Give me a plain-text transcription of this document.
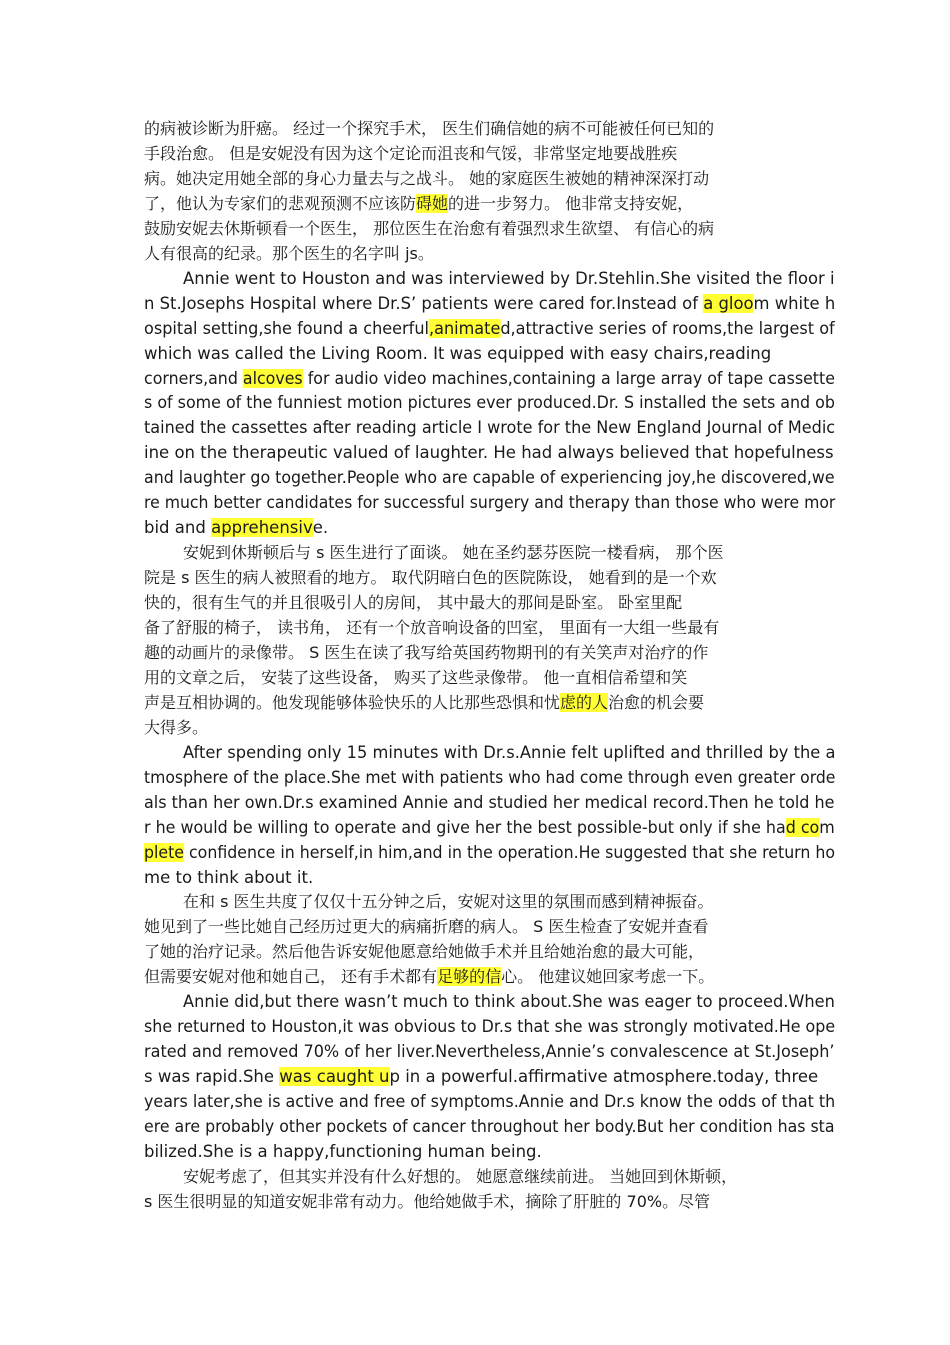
的病被诊断为肝癌。 经过一个探究手术， 医生们确信她的病不可能被任何已知的
手段治愈。 但是安妮没有因为这个定论而沮丧和气馁，非常坚定地要战胜疾
病。她决定用她全部的身心力量去与之战斗。 她的家庭医生被她的精神深深打动
了，他认为专家们的悲观预测不应该防碍她的进一步努力。 他非常支持安妮，
鼓励安妮去休斯顿看一个医生， 那位医生在治愈有着强烈求生欲望、 有信心的病
人有很高的纪录。那个医生的名字叫 js。
Annie went to Houston and was interviewed by Dr.Stehlin.She visited the floor i
n St.Josephs Hospital where Dr.S’ patients were cared for.Instead of a gloom white h
ospital setting,she found a cheerful,animated,attractive series of rooms,the largest of
which was called the Living Room. It was equipped with easy chairs,reading
corners,and alcoves for audio video machines,containing a large array of tape cassette
s of some of the funniest motion pictures ever produced.Dr. S installed the sets and ob
tained the cassettes after reading article I wrote for the New England Journal of Medic
ine on the therapeutic valued of laughter. He had always believed that hopefulness
and laughter go together.People who are capable of experiencing joy,he discovered,we
re much better candidates for successful surgery and therapy than those who were mor
bid and apprehensive.
安妮到休斯顿后与 s 医生进行了面谈。 她在圣约瑟芬医院一楼看病， 那个医
院是 s 医生的病人被照看的地方。 取代阴暗白色的医院陈设， 她看到的是一个欢
快的，很有生气的并且很吸引人的房间， 其中最大的那间是卧室。 卧室里配
备了舒服的椅子， 读书角， 还有一个放音响设备的凹室， 里面有一大组一些最有
趣的动画片的录像带。 S 医生在读了我写给英国药物期刊的有关笑声对治疗的作
用的文章之后， 安装了这些设备， 购买了这些录像带。 他一直相信希望和笑
声是互相协调的。他发现能够体验快乐的人比那些恐惧和忧虑的人治愈的机会要
大得多。
After spending only 15 minutes with Dr.s.Annie felt uplifted and thrilled by the a
tmosphere of the place.She met with patients who had come through even greater orde
als than her own.Dr.s examined Annie and studied her medical record.Then he told he
r he would be willing to operate and give her the best possible-but only if she had com
plete confidence in herself,in him,and in the operation.He suggested that she return ho
me to think about it.
在和 s 医生共度了仅仅十五分钟之后，安妮对这里的氛围而感到精神振奋。
她见到了一些比她自己经历过更大的病痛折磨的病人。 S 医生检查了安妮并查看
了她的治疗记录。然后他告诉安妮他愿意给她做手术并且给她治愈的最大可能，
但需要安妮对他和她自己， 还有手术都有足够的信心。 他建议她回家考虑一下。
Annie did,but there wasn’t much to think about.She was eager to proceed.When
she returned to Houston,it was obvious to Dr.s that she was strongly motivated.He ope
rated and removed 70% of her liver.Nevertheless,Annie’s convalescence at St.Joseph’
s was rapid.She was caught up in a powerful.affirmative atmosphere.today, three
years later,she is active and free of symptoms.Annie and Dr.s know the odds of that th
ere are probably other pockets of cancer throughout her body.But her condition has sta
bilized.She is a happy,functioning human being.
安妮考虑了，但其实并没有什么好想的。 她愿意继续前进。 当她回到休斯顿，
s 医生很明显的知道安妮非常有动力。他给她做手术，摘除了肝脏的 70%。尽管
